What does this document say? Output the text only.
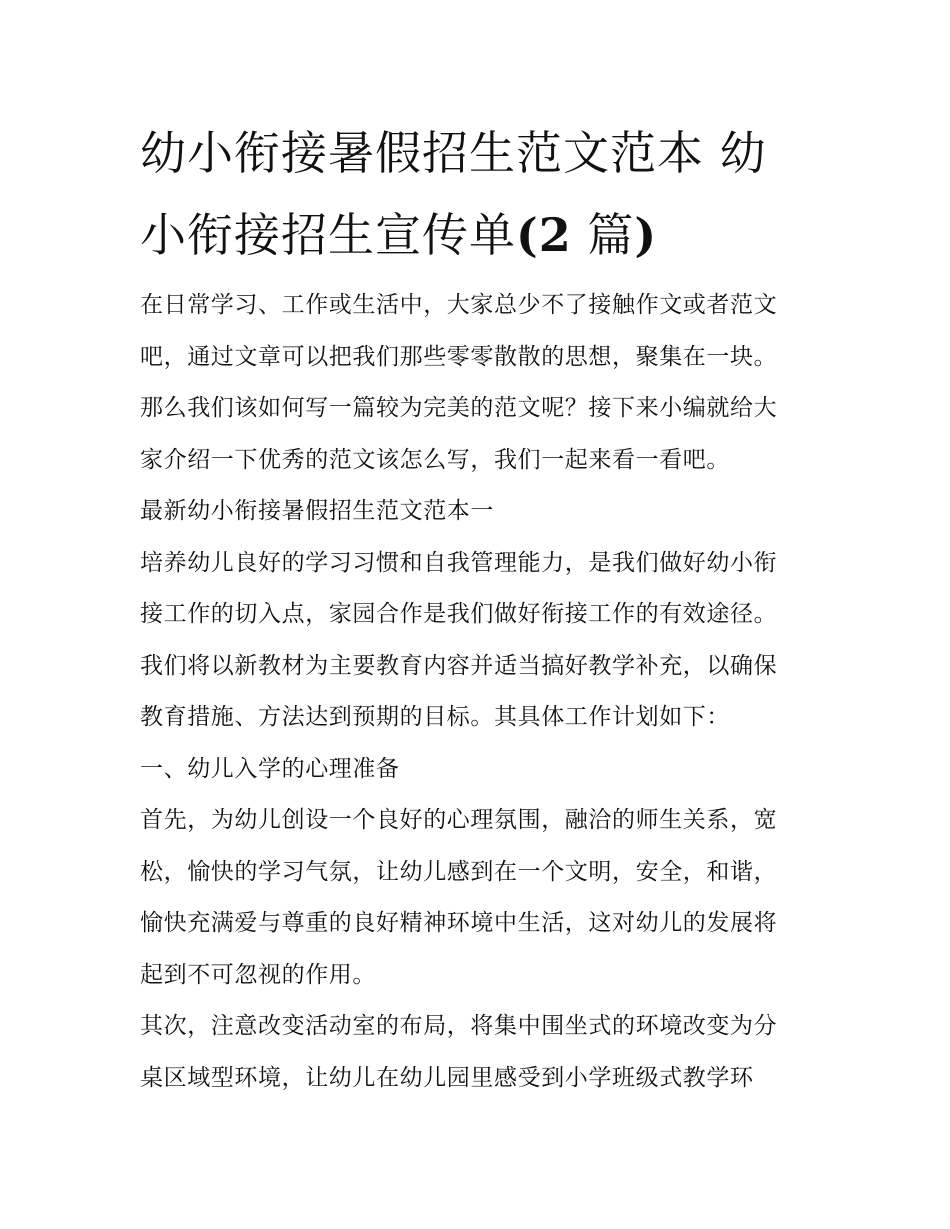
幼小衔接暑假招生范文范本 幼
小衔接招生宣传单(2 篇)
在日常学习、工作或生活中，大家总少不了接触作文或者范文
吧，通过文章可以把我们那些零零散散的思想，聚集在一块。
那么我们该如何写一篇较为完美的范文呢？接下来小编就给大
家介绍一下优秀的范文该怎么写，我们一起来看一看吧。
最新幼小衔接暑假招生范文范本一
培养幼儿良好的学习习惯和自我管理能力，是我们做好幼小衔
接工作的切入点，家园合作是我们做好衔接工作的有效途径。
我们将以新教材为主要教育内容并适当搞好教学补充，以确保
教育措施、方法达到预期的目标。其具体工作计划如下：
一、幼儿入学的心理准备
首先，为幼儿创设一个良好的心理氛围，融洽的师生关系，宽
松，愉快的学习气氛，让幼儿感到在一个文明，安全，和谐，
愉快充满爱与尊重的良好精神环境中生活，这对幼儿的发展将
起到不可忽视的作用。
其次，注意改变活动室的布局，将集中围坐式的环境改变为分
桌区域型环境，让幼儿在幼儿园里感受到小学班级式教学环
